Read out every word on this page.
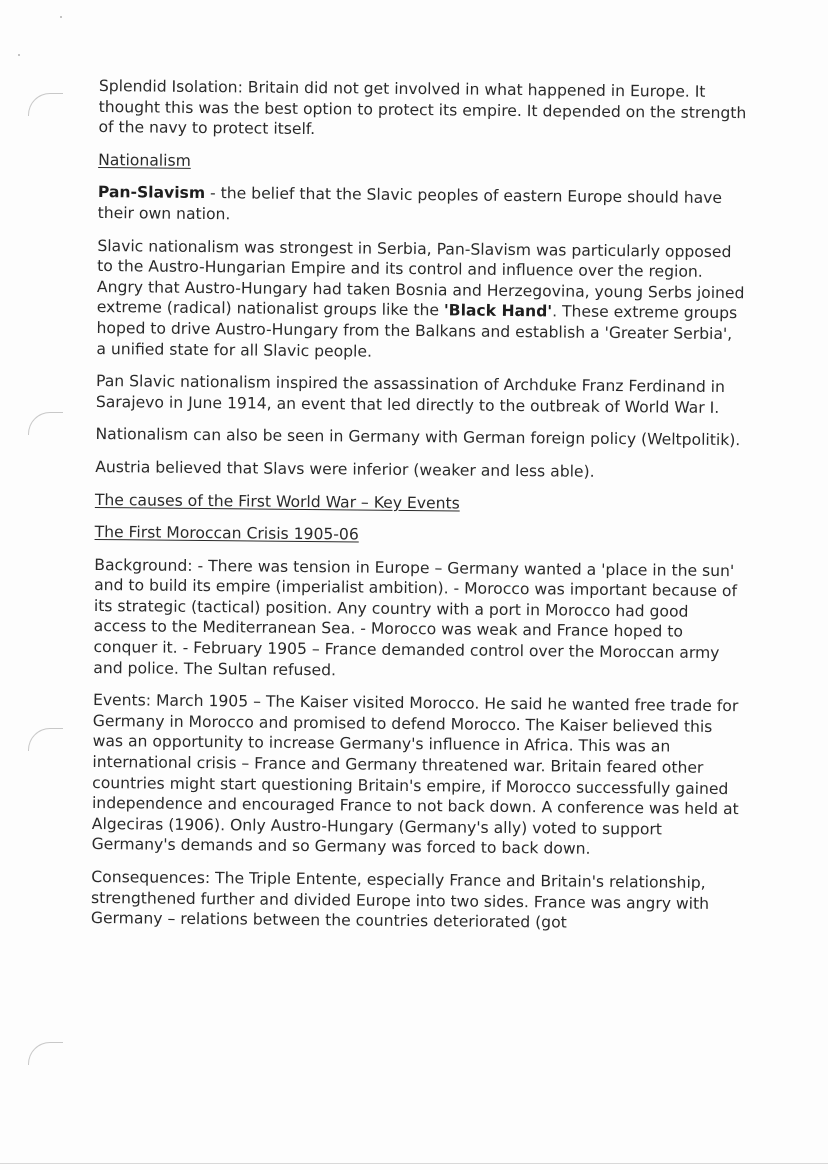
Splendid Isolation: Britain did not get involved in what happened in Europe. It thought this was the best option to protect its empire. It depended on the strength of the navy to protect itself.

Nationalism

Pan-Slavism - the belief that the Slavic peoples of eastern Europe should have their own nation.

Slavic nationalism was strongest in Serbia, Pan-Slavism was particularly opposed to the Austro-Hungarian Empire and its control and influence over the region. Angry that Austro-Hungary had taken Bosnia and Herzegovina, young Serbs joined extreme (radical) nationalist groups like the 'Black Hand'. These extreme groups hoped to drive Austro-Hungary from the Balkans and establish a 'Greater Serbia', a unified state for all Slavic people.

Pan Slavic nationalism inspired the assassination of Archduke Franz Ferdinand in Sarajevo in June 1914, an event that led directly to the outbreak of World War I.

Nationalism can also be seen in Germany with German foreign policy (Weltpolitik).

Austria believed that Slavs were inferior (weaker and less able).

The causes of the First World War – Key Events

The First Moroccan Crisis 1905-06

Background: - There was tension in Europe – Germany wanted a 'place in the sun' and to build its empire (imperialist ambition). - Morocco was important because of its strategic (tactical) position. Any country with a port in Morocco had good access to the Mediterranean Sea. - Morocco was weak and France hoped to conquer it. - February 1905 – France demanded control over the Moroccan army and police. The Sultan refused.

Events: March 1905 – The Kaiser visited Morocco. He said he wanted free trade for Germany in Morocco and promised to defend Morocco. The Kaiser believed this was an opportunity to increase Germany's influence in Africa. This was an international crisis – France and Germany threatened war. Britain feared other countries might start questioning Britain's empire, if Morocco successfully gained independence and encouraged France to not back down. A conference was held at Algeciras (1906). Only Austro-Hungary (Germany's ally) voted to support Germany's demands and so Germany was forced to back down.

Consequences: The Triple Entente, especially France and Britain's relationship, strengthened further and divided Europe into two sides. France was angry with Germany – relations between the countries deteriorated (got
